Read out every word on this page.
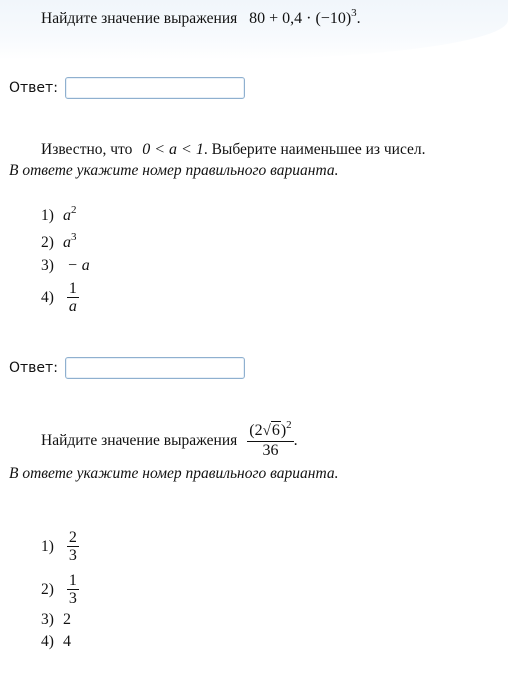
Найдите значение выражения $80 + 0,4 \cdot (-10)^3$.
Ответ:
Известно, что 0 < a < 1. Выберите наименьшее из чисел.
В ответе укажите номер правильного варианта.
1) $a^2$
2) $a^3$
3) − a
$4) \frac{1}{a}$
Ответ:
Найдите значение выражения $\frac{(2√6)^2}{36}$ .
В ответе укажите номер правильного варианта.
$1) \frac{2}{3}$
$2) \frac{1}{3}$
3) 2
4) 4
